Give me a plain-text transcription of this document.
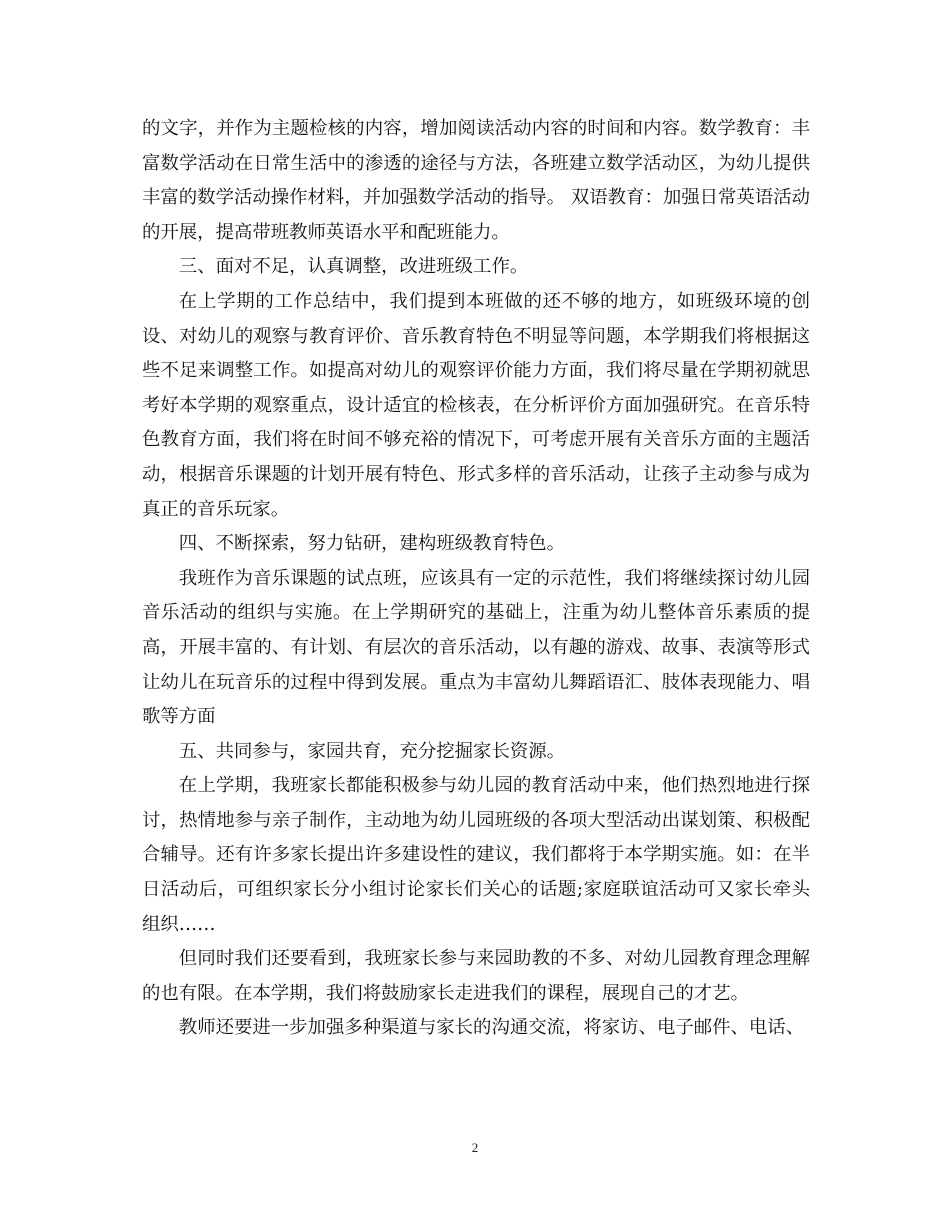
的文字，并作为主题检核的内容，增加阅读活动内容的时间和内容。数学教育：丰富数学活动在日常生活中的渗透的途径与方法，各班建立数学活动区，为幼儿提供丰富的数学活动操作材料，并加强数学活动的指导。 双语教育：加强日常英语活动的开展，提高带班教师英语水平和配班能力。

三、面对不足，认真调整，改进班级工作。

在上学期的工作总结中，我们提到本班做的还不够的地方，如班级环境的创设、对幼儿的观察与教育评价、音乐教育特色不明显等问题，本学期我们将根据这些不足来调整工作。如提高对幼儿的观察评价能力方面，我们将尽量在学期初就思考好本学期的观察重点，设计适宜的检核表，在分析评价方面加强研究。在音乐特色教育方面，我们将在时间不够充裕的情况下，可考虑开展有关音乐方面的主题活动，根据音乐课题的计划开展有特色、形式多样的音乐活动，让孩子主动参与成为真正的音乐玩家。

四、不断探索，努力钻研，建构班级教育特色。

我班作为音乐课题的试点班，应该具有一定的示范性，我们将继续探讨幼儿园音乐活动的组织与实施。在上学期研究的基础上，注重为幼儿整体音乐素质的提高，开展丰富的、有计划、有层次的音乐活动，以有趣的游戏、故事、表演等形式让幼儿在玩音乐的过程中得到发展。重点为丰富幼儿舞蹈语汇、肢体表现能力、唱歌等方面

五、共同参与，家园共育，充分挖掘家长资源。

在上学期，我班家长都能积极参与幼儿园的教育活动中来，他们热烈地进行探讨，热情地参与亲子制作，主动地为幼儿园班级的各项大型活动出谋划策、积极配合辅导。还有许多家长提出许多建设性的建议，我们都将于本学期实施。如：在半日活动后，可组织家长分小组讨论家长们关心的话题;家庭联谊活动可又家长牵头组织……

但同时我们还要看到，我班家长参与来园助教的不多、对幼儿园教育理念理解的也有限。在本学期，我们将鼓励家长走进我们的课程，展现自己的才艺。

教师还要进一步加强多种渠道与家长的沟通交流，将家访、电子邮件、电话、

2
